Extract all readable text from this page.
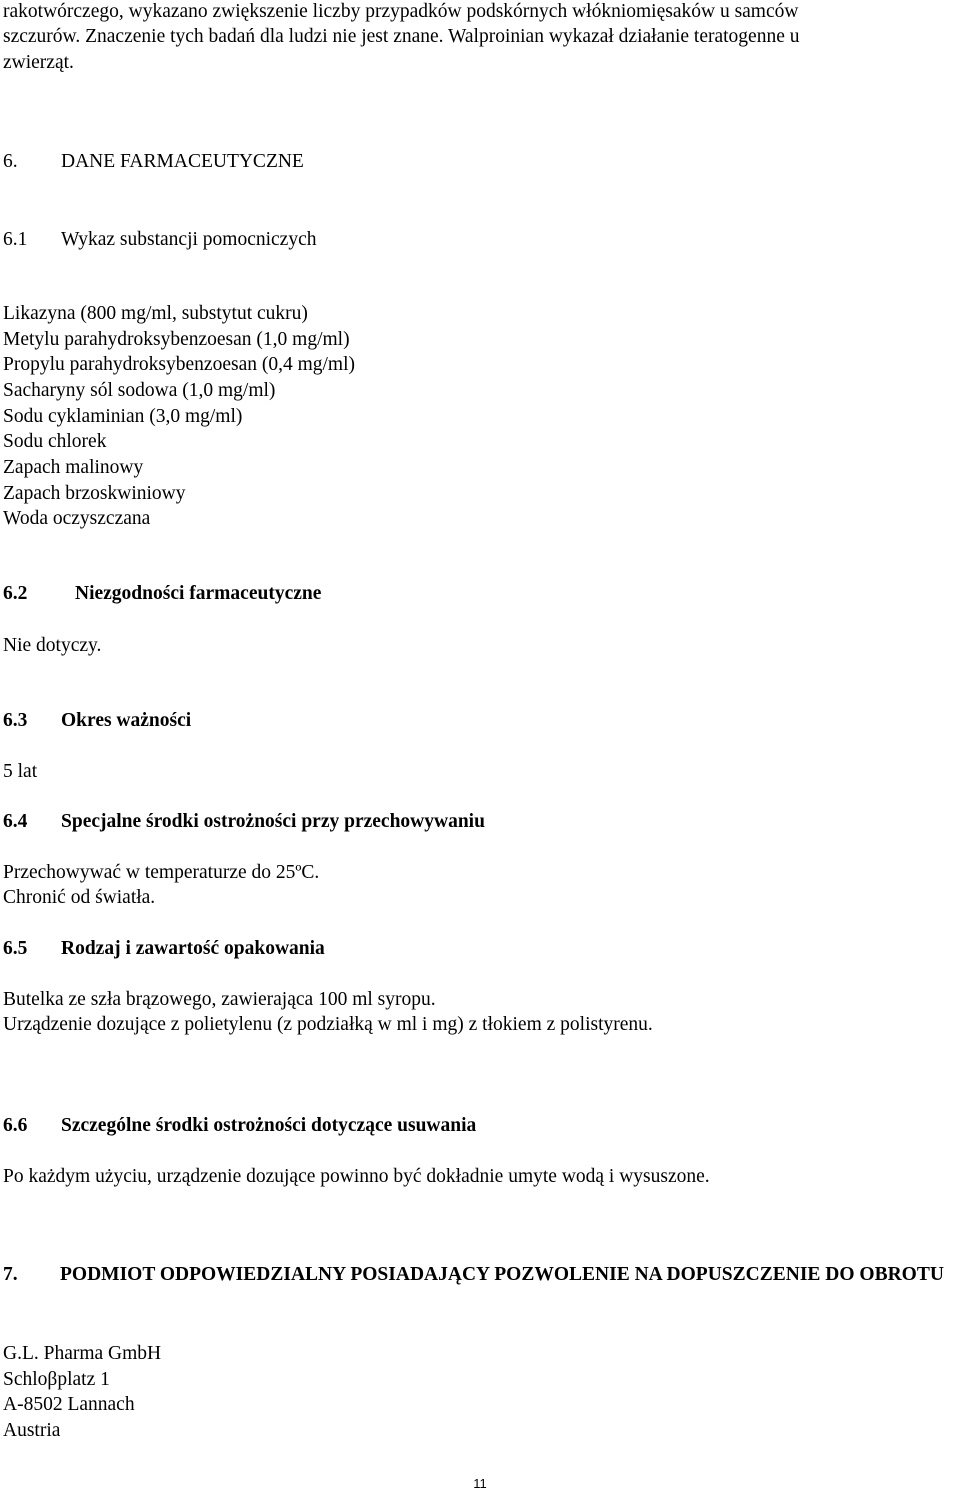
rakotwórczego, wykazano zwiększenie liczby przypadków podskórnych włókniomięsaków u samców

szczurów. Znaczenie tych badań dla ludzi nie jest znane. Walproinian wykazał działanie teratogenne u

zwierząt.

6. DANE FARMACEUTYCZNE

6.1 Wykaz substancji pomocniczych

Likazyna (800 mg/ml, substytut cukru)

Metylu parahydroksybenzoesan (1,0 mg/ml)

Propylu parahydroksybenzoesan (0,4 mg/ml)

Sacharyny sól sodowa (1,0 mg/ml)

Sodu cyklaminian (3,0 mg/ml)

Sodu chlorek

Zapach malinowy

Zapach brzoskwiniowy

Woda oczyszczana

6.2 Niezgodności farmaceutyczne

Nie dotyczy.

6.3 Okres ważności

5 lat

6.4 Specjalne środki ostrożności przy przechowywaniu

Przechowywać w temperaturze do 25ºC.

Chronić od światła.

6.5 Rodzaj i zawartość opakowania

Butelka ze szła brązowego, zawierająca 100 ml syropu.

Urządzenie dozujące z polietylenu (z podziałką w ml i mg) z tłokiem z polistyrenu.

6.6 Szczególne środki ostrożności dotyczące usuwania

Po każdym użyciu, urządzenie dozujące powinno być dokładnie umyte wodą i wysuszone.

7.	PODMIOT ODPOWIEDZIALNY POSIADAJĄCY POZWOLENIE NA DOPUSZCZENIE DO OBROTU

G.L. Pharma GmbH

Schloβplatz 1

A-8502 Lannach

Austria

11
